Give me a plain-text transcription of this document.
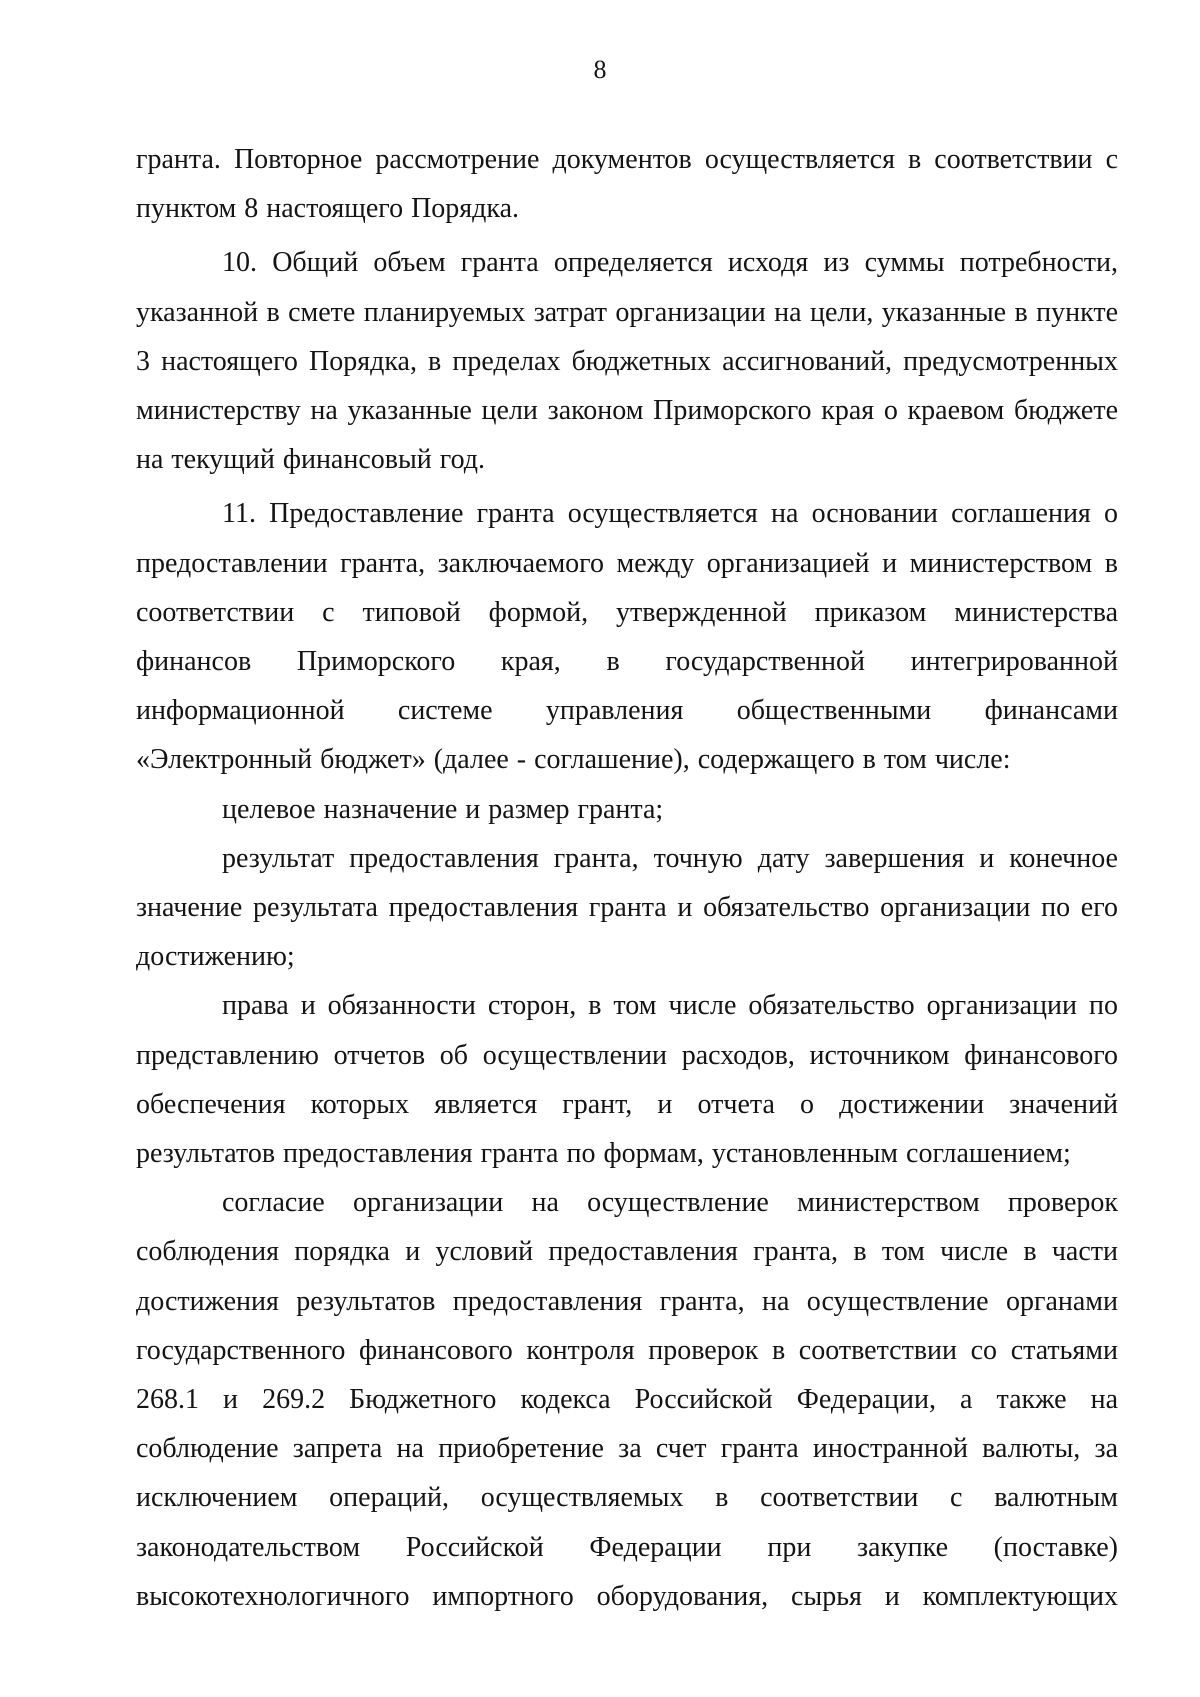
8

гранта. Повторное рассмотрение документов осуществляется в соответствии с пунктом 8 настоящего Порядка.

10. Общий объем гранта определяется исходя из суммы потребности, указанной в смете планируемых затрат организации на цели, указанные в пункте 3 настоящего Порядка, в пределах бюджетных ассигнований, предусмотренных министерству на указанные цели законом Приморского края о краевом бюджете на текущий финансовый год.

11. Предоставление гранта осуществляется на основании соглашения о предоставлении гранта, заключаемого между организацией и министерством в соответствии с типовой формой, утвержденной приказом министерства финансов Приморского края, в государственной интегрированной информационной системе управления общественными финансами «Электронный бюджет» (далее - соглашение), содержащего в том числе:

целевое назначение и размер гранта;

результат предоставления гранта, точную дату завершения и конечное значение результата предоставления гранта и обязательство организации по его достижению;

права и обязанности сторон, в том числе обязательство организации по представлению отчетов об осуществлении расходов, источником финансового обеспечения которых является грант, и отчета о достижении значений результатов предоставления гранта по формам, установленным соглашением;

согласие организации на осуществление министерством проверок соблюдения порядка и условий предоставления гранта, в том числе в части достижения результатов предоставления гранта, на осуществление органами государственного финансового контроля проверок в соответствии со статьями 268.1 и 269.2 Бюджетного кодекса Российской Федерации, а также на соблюдение запрета на приобретение за счет гранта иностранной валюты, за исключением операций, осуществляемых в соответствии с валютным законодательством Российской Федерации при закупке (поставке) высокотехнологичного импортного оборудования, сырья и комплектующих
